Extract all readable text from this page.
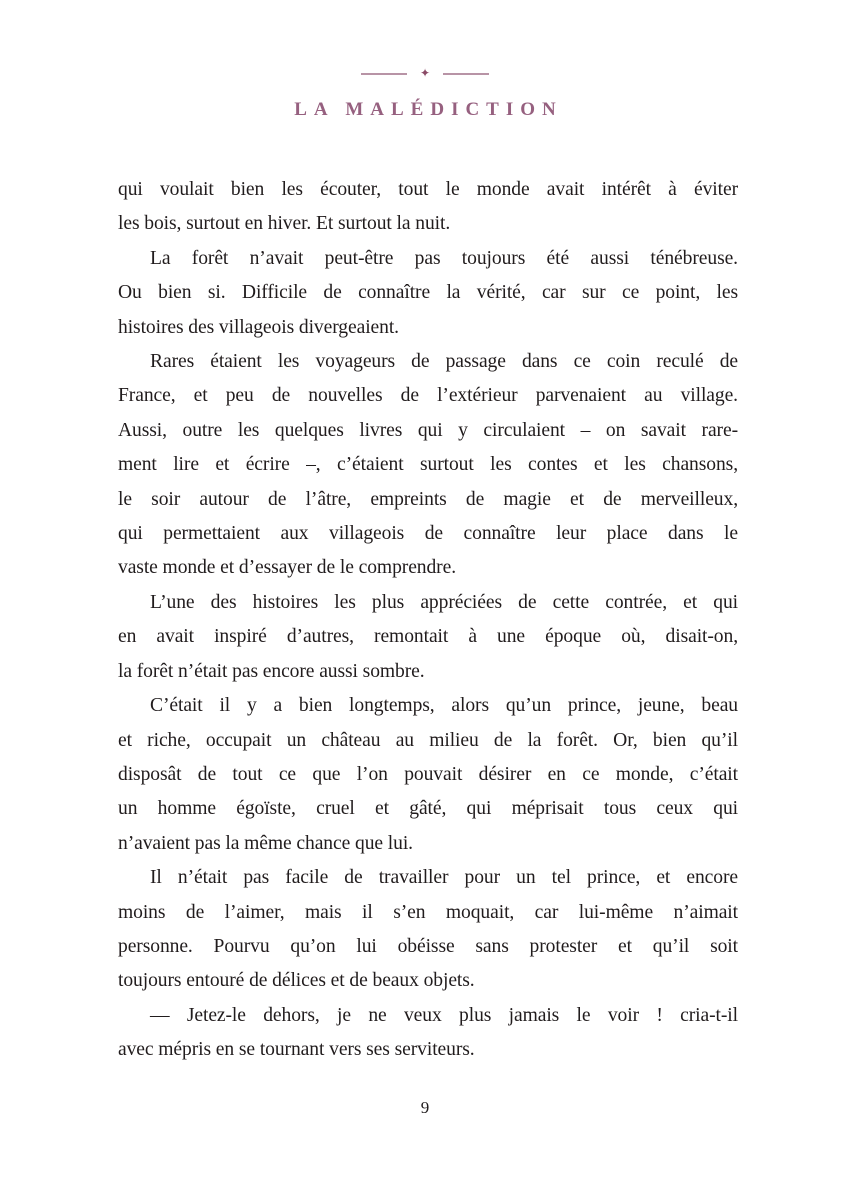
✦
LA MALÉDICTION
qui voulait bien les écouter, tout le monde avait intérêt à éviter
les bois, surtout en hiver. Et surtout la nuit.
La forêt n’avait peut-être pas toujours été aussi ténébreuse.
Ou bien si. Difficile de connaître la vérité, car sur ce point, les
histoires des villageois divergeaient.
Rares étaient les voyageurs de passage dans ce coin reculé de
France, et peu de nouvelles de l’extérieur parvenaient au village.
Aussi, outre les quelques livres qui y circulaient – on savait rare-
ment lire et écrire –, c’étaient surtout les contes et les chansons,
le soir autour de l’âtre, empreints de magie et de merveilleux,
qui permettaient aux villageois de connaître leur place dans le
vaste monde et d’essayer de le comprendre.
L’une des histoires les plus appréciées de cette contrée, et qui
en avait inspiré d’autres, remontait à une époque où, disait-on,
la forêt n’était pas encore aussi sombre.
C’était il y a bien longtemps, alors qu’un prince, jeune, beau
et riche, occupait un château au milieu de la forêt. Or, bien qu’il
disposât de tout ce que l’on pouvait désirer en ce monde, c’était
un homme égoïste, cruel et gâté, qui méprisait tous ceux qui
n’avaient pas la même chance que lui.
Il n’était pas facile de travailler pour un tel prince, et encore
moins de l’aimer, mais il s’en moquait, car lui-même n’aimait
personne. Pourvu qu’on lui obéisse sans protester et qu’il soit
toujours entouré de délices et de beaux objets.
— Jetez-le dehors, je ne veux plus jamais le voir ! cria-t-il
avec mépris en se tournant vers ses serviteurs.
9
